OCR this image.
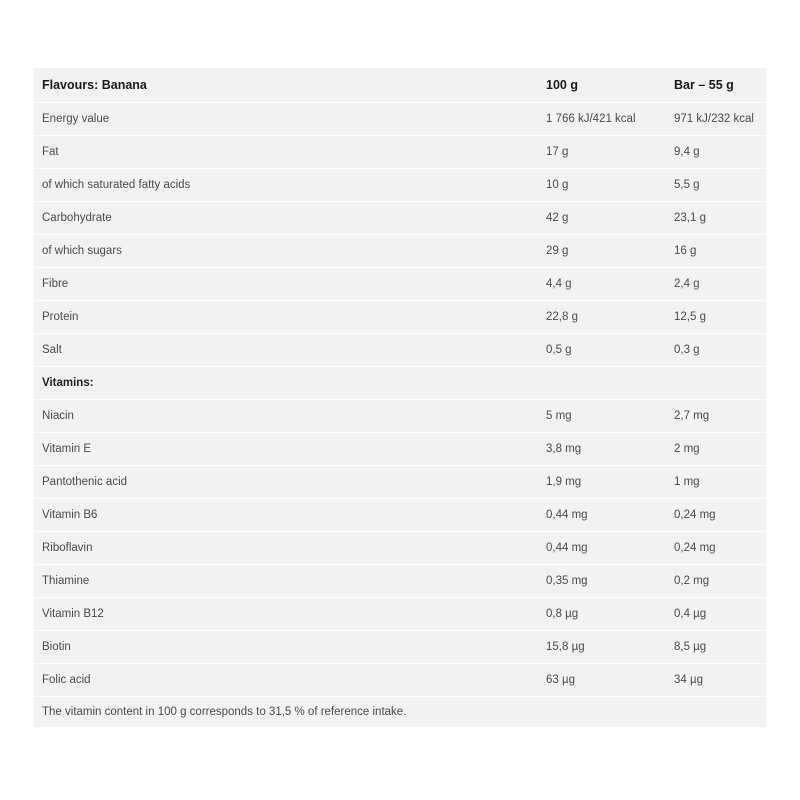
Flavours: Banana	100 g	Bar – 55 g
Energy value	1 766 kJ/421 kcal	971 kJ/232 kcal
Fat	17 g	9,4 g
of which saturated fatty acids	10 g	5,5 g
Carbohydrate	42 g	23,1 g
of which sugars	29 g	16 g
Fibre	4,4 g	2,4 g
Protein	22,8 g	12,5 g
Salt	0,5 g	0,3 g
Vitamins:		
Niacin	5 mg	2,7 mg
Vitamin E	3,8 mg	2 mg
Pantothenic acid	1,9 mg	1 mg
Vitamin B6	0,44 mg	0,24 mg
Riboflavin	0,44 mg	0,24 mg
Thiamine	0,35 mg	0,2 mg
Vitamin B12	0,8 µg	0,4 µg
Biotin	15,8 µg	8,5 µg
Folic acid	63 µg	34 µg
The vitamin content in 100 g corresponds to 31,5 % of reference intake.
